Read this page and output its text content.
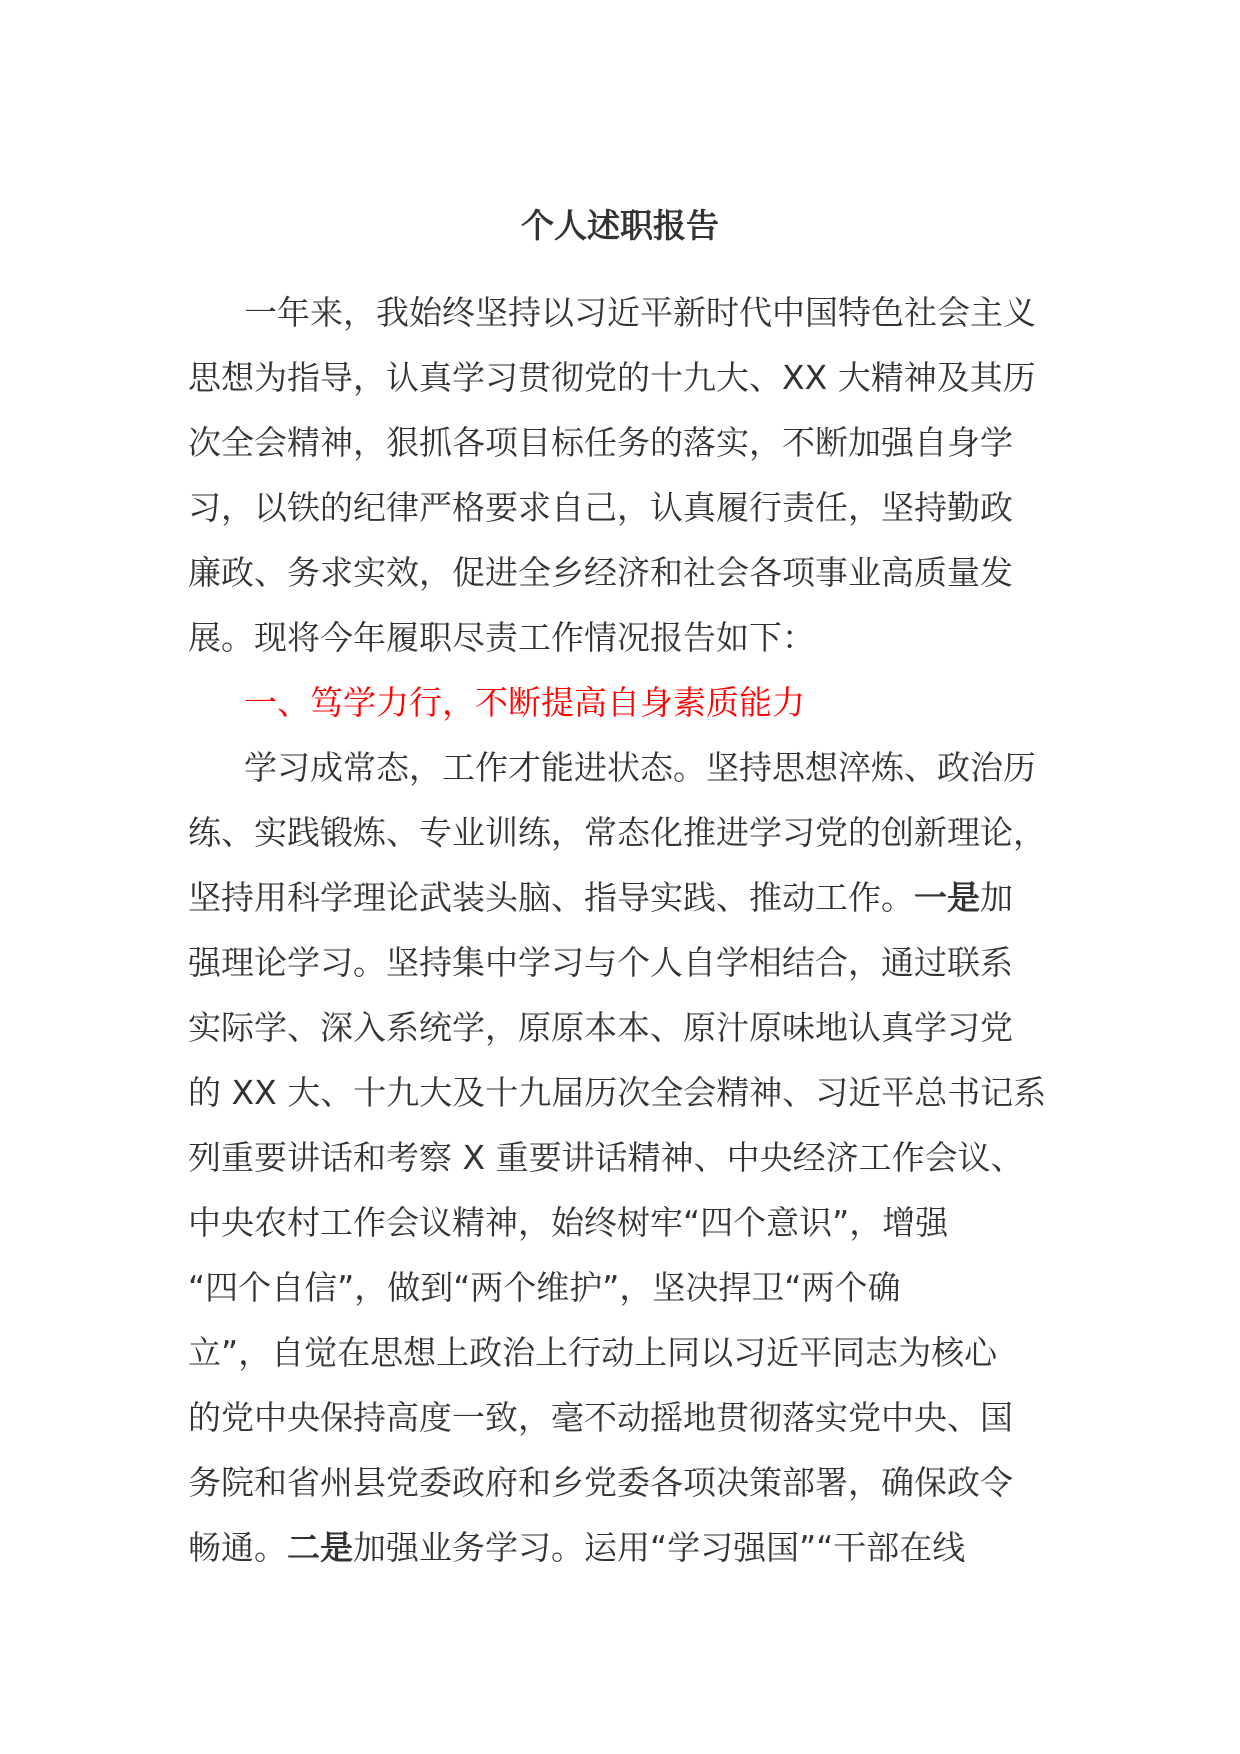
个人述职报告
一年来，我始终坚持以习近平新时代中国特色社会主义
思想为指导，认真学习贯彻党的十九大、XX 大精神及其历
次全会精神，狠抓各项目标任务的落实，不断加强自身学
习，以铁的纪律严格要求自己，认真履行责任，坚持勤政
廉政、务求实效，促进全乡经济和社会各项事业高质量发
展。现将今年履职尽责工作情况报告如下：
一、笃学力行，不断提高自身素质能力
学习成常态，工作才能进状态。坚持思想淬炼、政治历
练、实践锻炼、专业训练，常态化推进学习党的创新理论，
坚持用科学理论武装头脑、指导实践、推动工作。一是加
强理论学习。坚持集中学习与个人自学相结合，通过联系
实际学、深入系统学，原原本本、原汁原味地认真学习党
的 XX 大、十九大及十九届历次全会精神、习近平总书记系
列重要讲话和考察 X 重要讲话精神、中央经济工作会议、
中央农村工作会议精神，始终树牢“四个意识”，增强
“四个自信”，做到“两个维护”，坚决捍卫“两个确
立”，自觉在思想上政治上行动上同以习近平同志为核心
的党中央保持高度一致，毫不动摇地贯彻落实党中央、国
务院和省州县党委政府和乡党委各项决策部署，确保政令
畅通。二是加强业务学习。运用“学习强国”“干部在线
